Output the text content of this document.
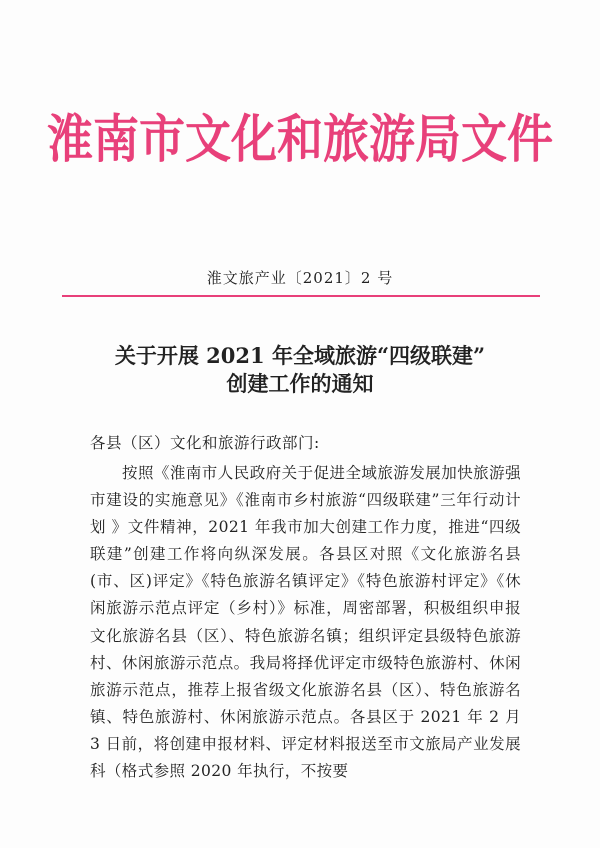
淮南市文化和旅游局文件
淮文旅产业〔2021〕2 号
关于开展 2021 年全域旅游“四级联建”
创建工作的通知
各县（区）文化和旅游行政部门:
按照《淮南市人民政府关于促进全域旅游发展加快旅游强市建设的实施意见》《淮南市乡村旅游“四级联建”三年行动计划 》文件精神，2021 年我市加大创建工作力度，推进“四级联建”创建工作将向纵深发展。各县区对照《文化旅游名县(市、区)评定》《特色旅游名镇评定》《特色旅游村评定》《休闲旅游示范点评定（乡村）》标准，周密部署，积极组织申报文化旅游名县（区）、特色旅游名镇；组织评定县级特色旅游村、休闲旅游示范点。我局将择优评定市级特色旅游村、休闲旅游示范点，推荐上报省级文化旅游名县（区）、特色旅游名镇、特色旅游村、休闲旅游示范点。各县区于 2021 年 2 月 3 日前，将创建申报材料、评定材料报送至市文旅局产业发展科（格式参照 2020 年执行，不按要
